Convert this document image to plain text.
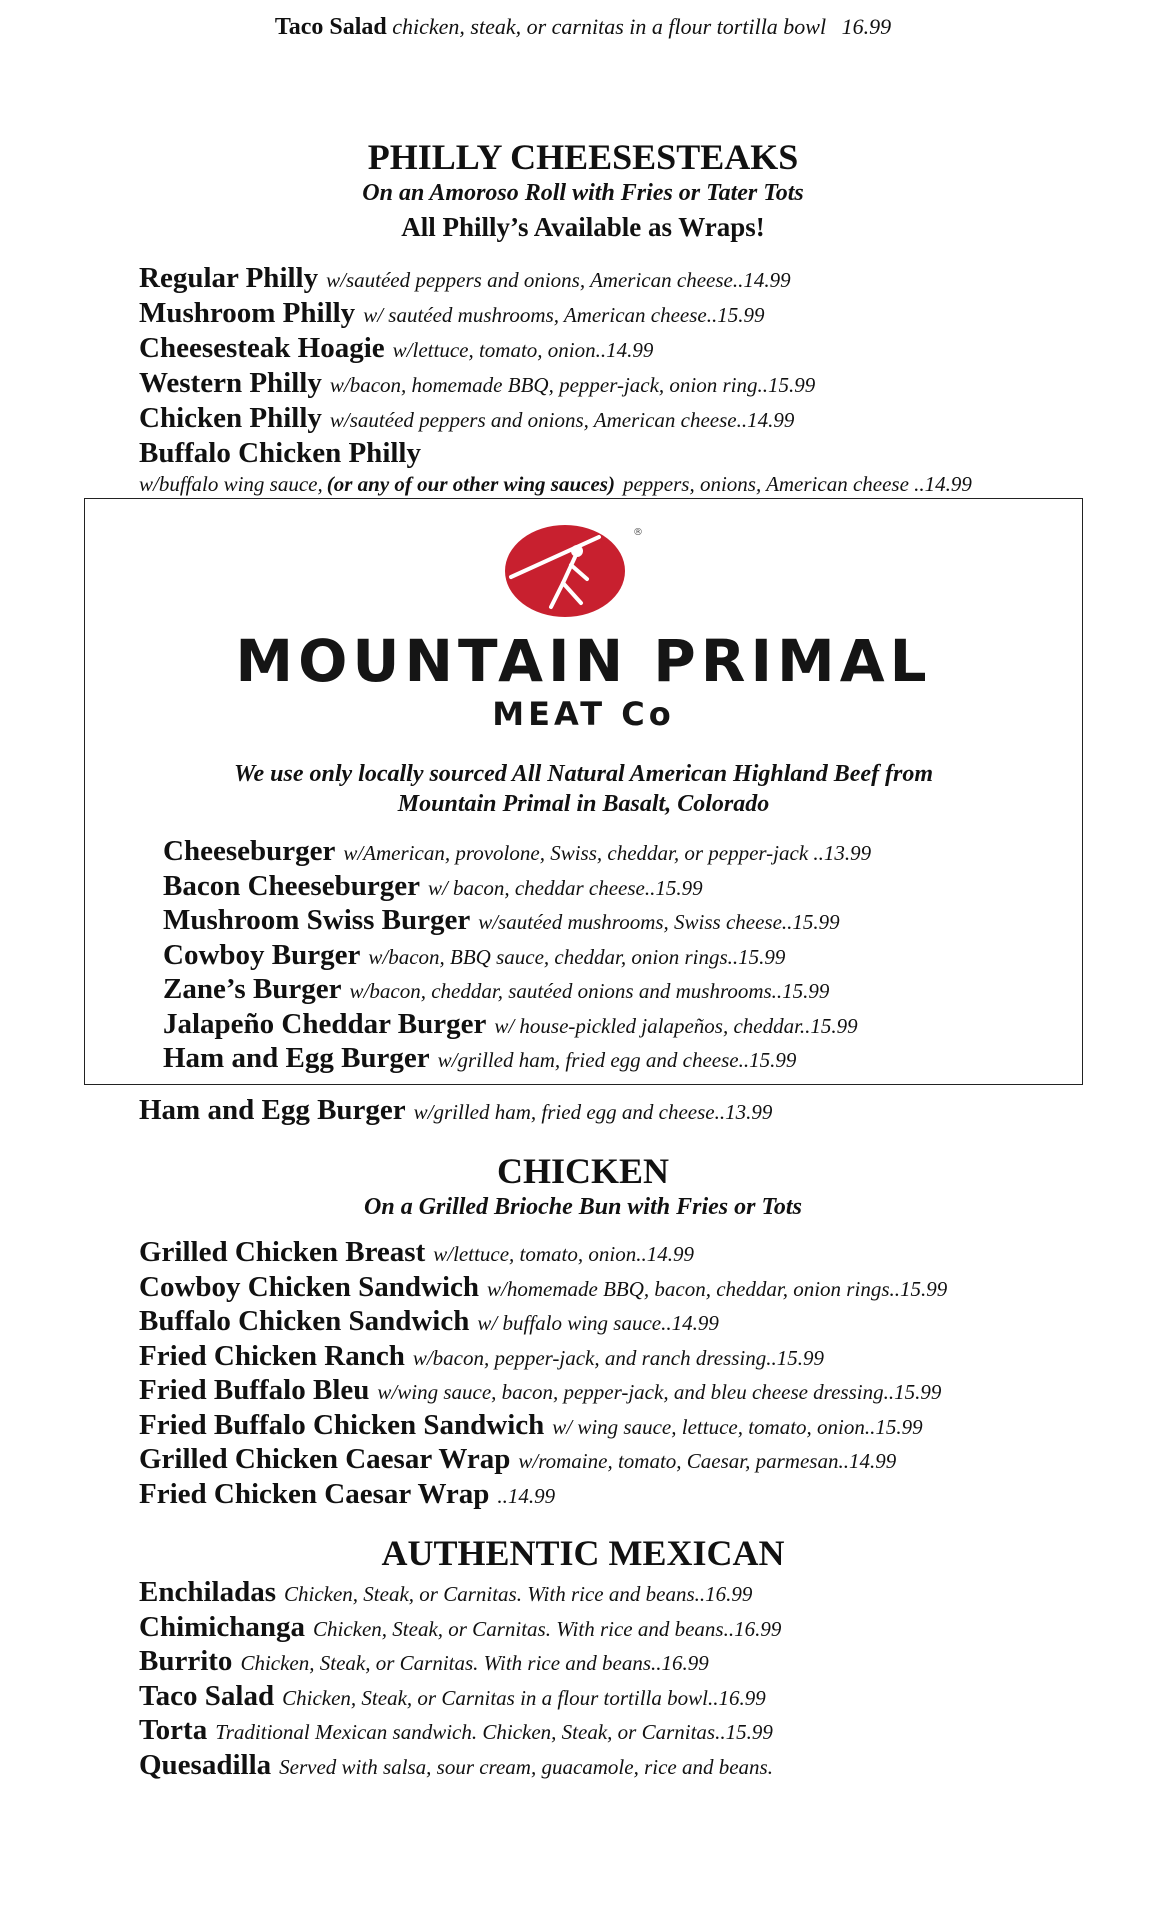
Taco Salad chicken, steak, or carnitas in a flour tortilla bowl 16.99
PHILLY CHEESESTEAKS
On an Amoroso Roll with Fries or Tater Tots
All Philly’s Available as Wraps!
Regular Philly w/sautéed peppers and onions, American cheese..14.99
Mushroom Philly w/ sautéed mushrooms, American cheese..15.99
Cheesesteak Hoagie w/lettuce, tomato, onion..14.99
Western Philly w/bacon, homemade BBQ, pepper-jack, onion ring..15.99
Chicken Philly w/sautéed peppers and onions, American cheese..14.99
Buffalo Chicken Philly
w/buffalo wing sauce, (or any of our other wing sauces) peppers, onions, American cheese ..14.99

®
MOUNTAIN PRIMAL
MEAT Co
We use only locally sourced All Natural American Highland Beef from
Mountain Primal in Basalt, Colorado
Cheeseburger w/American, provolone, Swiss, cheddar, or pepper-jack ..13.99
Bacon Cheeseburger w/ bacon, cheddar cheese..15.99
Mushroom Swiss Burger w/sautéed mushrooms, Swiss cheese..15.99
Cowboy Burger w/bacon, BBQ sauce, cheddar, onion rings..15.99
Zane’s Burger w/bacon, cheddar, sautéed onions and mushrooms..15.99
Jalapeño Cheddar Burger w/ house-pickled jalapeños, cheddar..15.99
Ham and Egg Burger w/grilled ham, fried egg and cheese..15.99
Ham and Egg Burger w/grilled ham, fried egg and cheese..13.99
CHICKEN
On a Grilled Brioche Bun with Fries or Tots
Grilled Chicken Breast w/lettuce, tomato, onion..14.99
Cowboy Chicken Sandwich w/homemade BBQ, bacon, cheddar, onion rings..15.99
Buffalo Chicken Sandwich w/ buffalo wing sauce..14.99
Fried Chicken Ranch w/bacon, pepper-jack, and ranch dressing..15.99
Fried Buffalo Bleu w/wing sauce, bacon, pepper-jack, and bleu cheese dressing..15.99
Fried Buffalo Chicken Sandwich w/ wing sauce, lettuce, tomato, onion..15.99
Grilled Chicken Caesar Wrap w/romaine, tomato, Caesar, parmesan..14.99
Fried Chicken Caesar Wrap ..14.99
AUTHENTIC MEXICAN
Enchiladas Chicken, Steak, or Carnitas. With rice and beans..16.99
Chimichanga Chicken, Steak, or Carnitas. With rice and beans..16.99
Burrito Chicken, Steak, or Carnitas. With rice and beans..16.99
Taco Salad Chicken, Steak, or Carnitas in a flour tortilla bowl..16.99
Torta Traditional Mexican sandwich. Chicken, Steak, or Carnitas..15.99
Quesadilla Served with salsa, sour cream, guacamole, rice and beans.
